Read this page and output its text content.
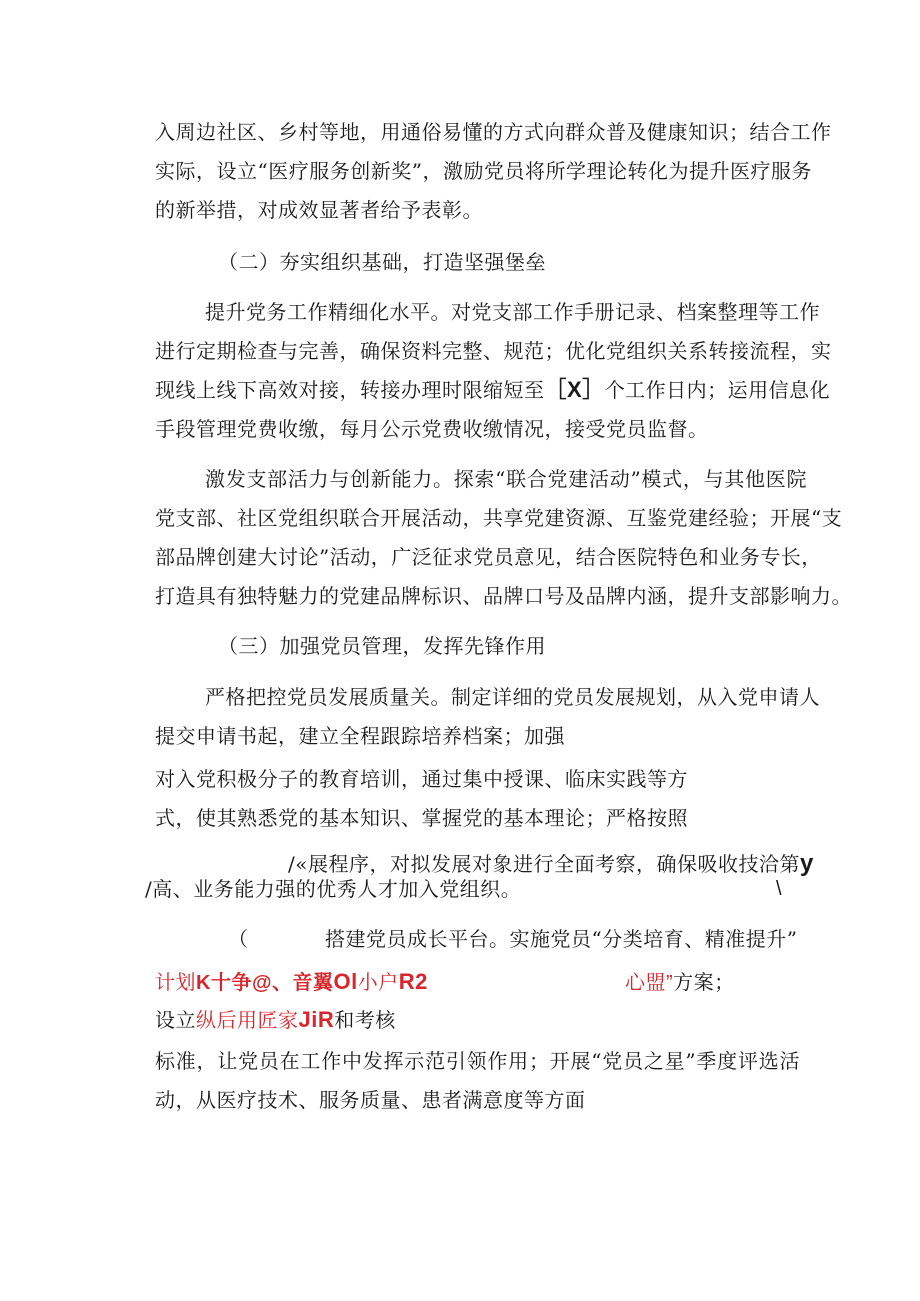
入周边社区、乡村等地，用通俗易懂的方式向群众普及健康知识；结合工作
实际，设立“医疗服务创新奖”，激励党员将所学理论转化为提升医疗服务
的新举措，对成效显著者给予表彰。
（二）夯实组织基础，打造坚强堡垒
提升党务工作精细化水平。对党支部工作手册记录、档案整理等工作
进行定期检查与完善，确保资料完整、规范；优化党组织关系转接流程，实
现线上线下高效对接，转接办理时限缩短至 ［X］ 个工作日内；运用信息化
手段管理党费收缴，每月公示党费收缴情况，接受党员监督。
激发支部活力与创新能力。探索“联合党建活动”模式，与其他医院
党支部、社区党组织联合开展活动，共享党建资源、互鉴党建经验；开展“支
部品牌创建大讨论”活动，广泛征求党员意见，结合医院特色和业务专长，
打造具有独特魅力的党建品牌标识、品牌口号及品牌内涵，提升支部影响力。
（三）加强党员管理，发挥先锋作用
严格把控党员发展质量关。制定详细的党员发展规划，从入党申请人
提交申请书起，建立全程跟踪培养档案；加强
对入党积极分子的教育培训，通过集中授课、临床实践等方
式，使其熟悉党的基本知识、掌握党的基本理论；严格按照
/«展程序，对拟发展对象进行全面考察，确保吸收技洽第y
/高、业务能力强的优秀人才加入党组织。	\
（	搭建党员成长平台。实施党员“分类培育、精准提升”
计划K十争@、音翼Ol小户R2	心盟”方案；
设立纵后用匠家JiR和考核
标准，让党员在工作中发挥示范引领作用；开展“党员之星”季度评选活
动，从医疗技术、服务质量、患者满意度等方面
